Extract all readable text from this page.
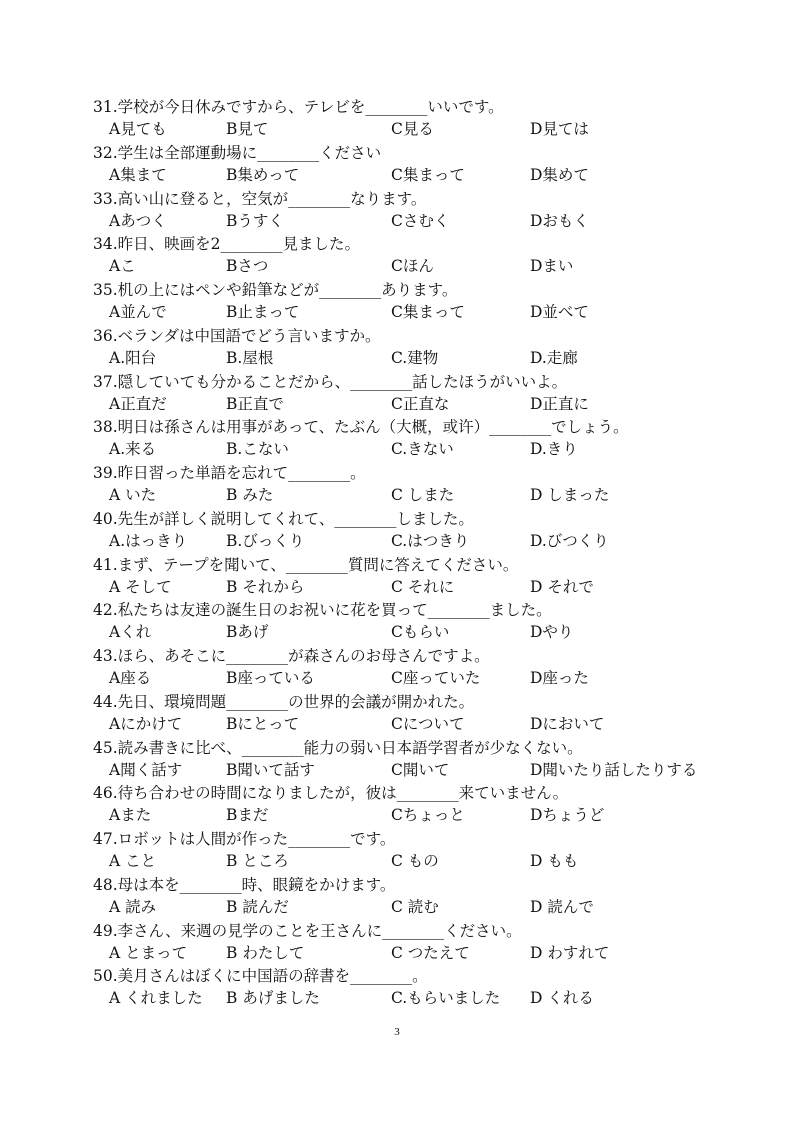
31.学校が今日休みですから、テレビを________いいです。
A見ても	B見て	C見る	D見ては
32.学生は全部運動場に________ください
A集まて	B集めって	C集まって	D集めて
33.高い山に登ると，空気が________なります。
Aあつく	Bうすく	Cさむく	Dおもく
34.昨日、映画を2________見ました。
Aこ	Bさつ	Cほん	Dまい
35.机の上にはペンや鉛筆などが________あります。
A並んで	B止まって	C集まって	D並べて
36.ベランダは中国語でどう言いますか。
A.阳台	B.屋根	C.建物	D.走廊
37.隠していても分かることだから、________話したほうがいいよ。
A正直だ	B正直で	C正直な	D正直に
38.明日は孫さんは用事があって、たぶん（大概，或许）________でしょう。
A.来る	B.こない	C.きない	D.きり
39.昨日習った単語を忘れて________。
A いた	B みた	C しまた	D しまった
40.先生が詳しく説明してくれて、________しました。
A.はっきり	B.びっくり	C.はつきり	D.びつくり
41.まず、テープを聞いて、________質問に答えてください。
A そして	B それから	C それに	D それで
42.私たちは友達の誕生日のお祝いに花を買って________ました。
Aくれ	Bあげ	Cもらい	Dやり
43.ほら、あそこに________が森さんのお母さんですよ。
A座る	B座っている	C座っていた	D座った
44.先日、環境問題________の世界的会議が開かれた。
Aにかけて	Bにとって	Cについて	Dにおいて
45.読み書きに比べ、________能力の弱い日本語学習者が少なくない。
A聞く話す	B聞いて話す	C聞いて	D聞いたり話したりする
46.待ち合わせの時間になりましたが，彼は________来ていません。
Aまた	Bまだ	Cちょっと	Dちょうど
47.ロボットは人間が作った________です。
A こと	B ところ	C もの	D もも
48.母は本を________時、眼鏡をかけます。
A 読み	B 読んだ	C 読む	D 読んで
49.李さん、来週の見学のことを王さんに________ください。
A とまって	B わたして	C つたえて	D わすれて
50.美月さんはぼくに中国語の辞書を________。
A くれました B あげました	C.もらいました D くれる
3
